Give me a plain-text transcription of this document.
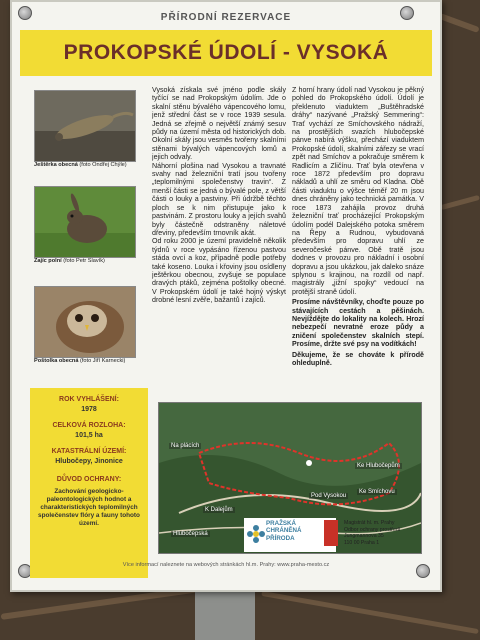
PŘÍRODNÍ REZERVACE
PROKOPSKÉ ÚDOLÍ - VYSOKÁ
Ještěrka obecná (foto Ondřej Chýle)
Zajíc polní (foto Petr Slavík)
Poštolka obecná (foto Jiří Karnecki)
ROK VYHLÁŠENÍ:
1978
CELKOVÁ ROZLOHA:
101,5 ha
KATASTRÁLNÍ ÚZEMÍ:
Hlubočepy, Jinonice
DŮVOD OCHRANY:
Zachování geologicko-paleontologických hodnot a charakteristických teplomilných společenstev flóry a fauny tohoto území.

Vysoká získala své jméno podle skály tyčící se nad Prokopským údolím. Jde o skalní stěnu bývalého vápencového lomu, jenž střední část se v roce 1939 sesula. Jedná se zřejmě o největší známý sesuv půdy na území města od historických dob. Okolní skály jsou vesměs tvořeny skalními stěnami bývalých vápencových lomů a jejich odvaly.

Náhorní plošina nad Vysokou a travnaté svahy nad železniční tratí jsou tvořeny „teplomilnými společenstvy travin“. Z menší části se jedná o bývalé pole, z větší části o louky a pastviny. Při údržbě těchto ploch se k nim přistupuje jako k pastvinám. Z prostoru louky a jejích svahů byly částečně odstraněny náletové dřeviny, především trnovník akát.

Od roku 2000 je území pravidelně několik týdnů v roce vypásáno řízenou pastvou stáda ovcí a koz, případně podle potřeby také koseno. Louka i křoviny jsou osídleny ještěrkou obecnou, zvyšuje se populace dravých ptáků, zejména poštolky obecné. V Prokopském údolí je také hojný výskyt drobné lesní zvěře, bažantů i zajíců.

Z horní hrany údolí nad Vysokou je pěkný pohled do Prokopského údolí. Údolí je překlenuto viaduktem „Buštěhradské dráhy“ nazývané „Pražský Semmering“: Trať vychází ze Smíchovského nádraží, na prostějších svazích hlubočepské pánve nabírá výšku, přechází viaduktem Prokopské údolí, skalními zářezy se vrací zpět nad Smíchov a pokračuje směrem k Radlicím a Zličínu. Trať byla otevřena v roce 1872 především pro dopravu nákladů a uhlí ze směru od Kladna. Obě části viaduktu o výšce téměř 20 m jsou dnes chráněny jako technická památka. V roce 1873 zahájila provoz druhá železniční trať procházející Prokopským údolím podél Dalejského potoka směrem na Řepy a Rudnou, vybudovaná především pro dopravu uhlí ze severočeské pánve. Obě tratě jsou dodnes v provozu pro nákladní i osobní dopravu a jsou ukázkou, jak daleko snáze splynou s krajinou, na rozdíl od např. magistrály „jižní spojky“ vedoucí na protější straně údolí.

Prosíme návštěvníky, choďte pouze po stávajících cestách a pěšinách. Nevjíždějte do lokality na kolech. Hrozí nebezpečí nevratné eroze půdy a zničení společenstev skalních stepí. Prosíme, držte své psy na vodítkách!

Děkujeme, že se chováte k přírodě ohleduplně.

Na plácích
Ke Hlubočepům
Pod Vysokou
K Dalejům
Hlubočepská
Ke Smíchovu
PRAŽSKÁ
CHRÁNĚNÁ
PŘÍRODA
Magistrát hl. m. Prahy
Odbor ochrany prostředí
Jungmannova 35
110 00 Praha 1
Více informací naleznete na webových stránkách hl.m. Prahy: www.praha-mesto.cz
